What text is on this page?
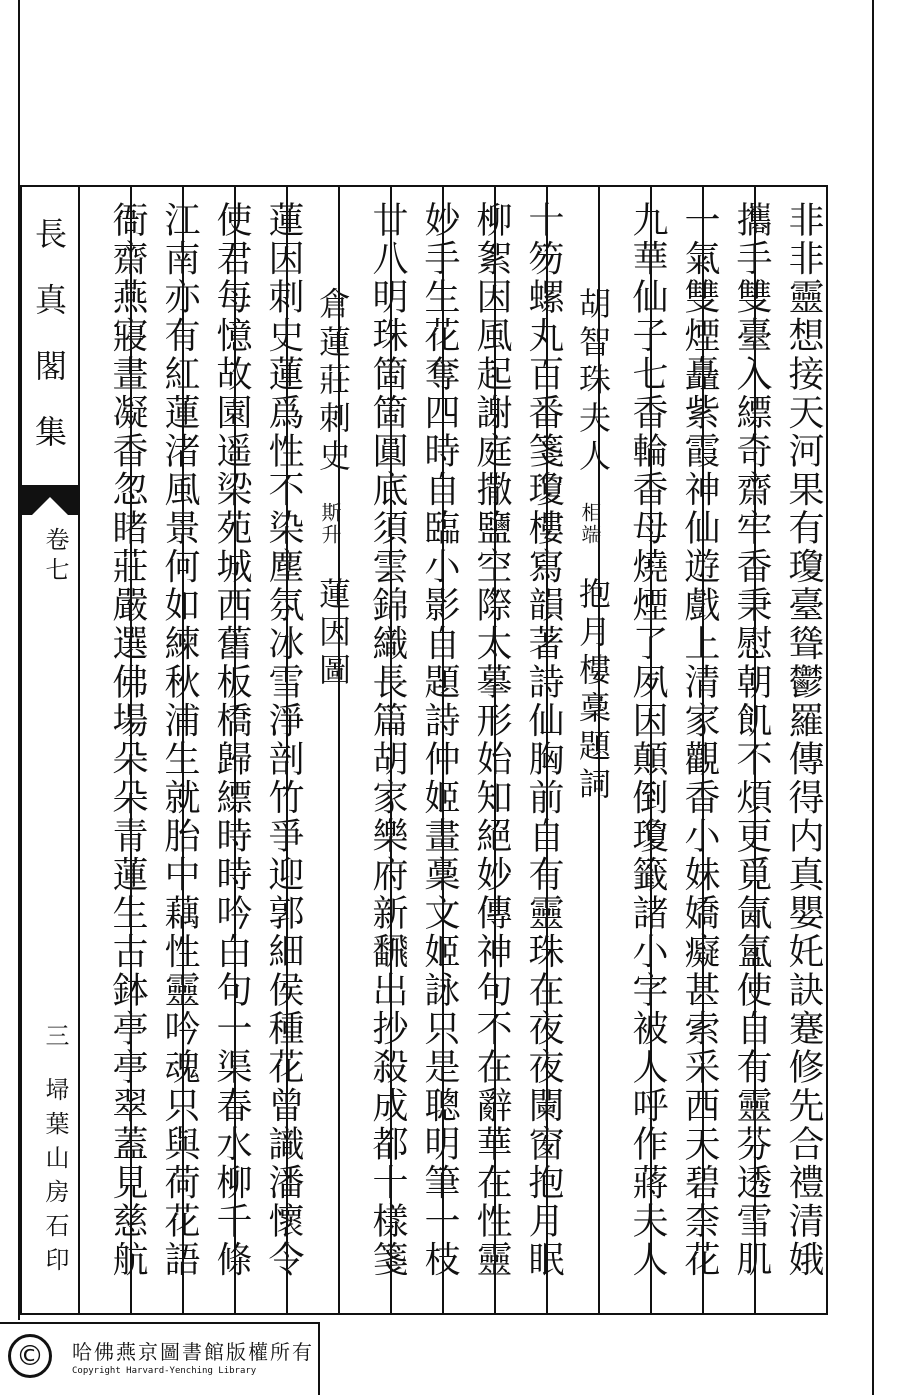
長真閣集
卷七
三
埽葉山房石印	非非靈想接天河果有瓊臺聳鬱羅傳得内真嬰奼訣蹇修先合禮清娥
攜手雙臺入縹奇齋牢香秉慰朝飢不煩更覓氤氳使自有靈芬透雪肌
一氣雙煙矗紫霞神仙遊戲上清家觀香小妹嬌癡甚索采西天碧柰花
九華仙子七香輪香母燒煙了夙因顛倒瓊籤諸小字被人呼作蔣夫人
胡智珠夫人
相端
抱月樓稾題詞
十笏螺丸百番箋瓊樓寫韻著詩仙胸前自有靈珠在夜夜闌窗抱月眠
柳絮因風起謝庭撒鹽空際太摹形始知絕妙傳神句不在辭華在性靈
妙手生花奪四時自臨小影自題詩仲姬畫稾文姬詠只是聰明筆一枝
廿八明珠箇箇圓底須雲錦織長篇胡家樂府新飜出抄殺成都十樣箋
倉蓮莊刺史
斯升
蓮因圖
蓮因刺史蓮爲性不染塵氛冰雪淨剖竹爭迎郭細侯種花曾識潘懷令
使君每憶故園遥梁苑城西舊板橋歸縹時時吟白句一渠春水柳千條
江南亦有紅蓮渚風景何如練秋浦生就胎中藕性靈吟魂只與荷花語
衙齋燕寢晝凝香忽睹莊嚴選佛場朵朵青蓮生古鉢亭亭翠蓋見慈航
©	哈佛燕京圖書館版權所有
Copyright Harvard-Yenching Library
